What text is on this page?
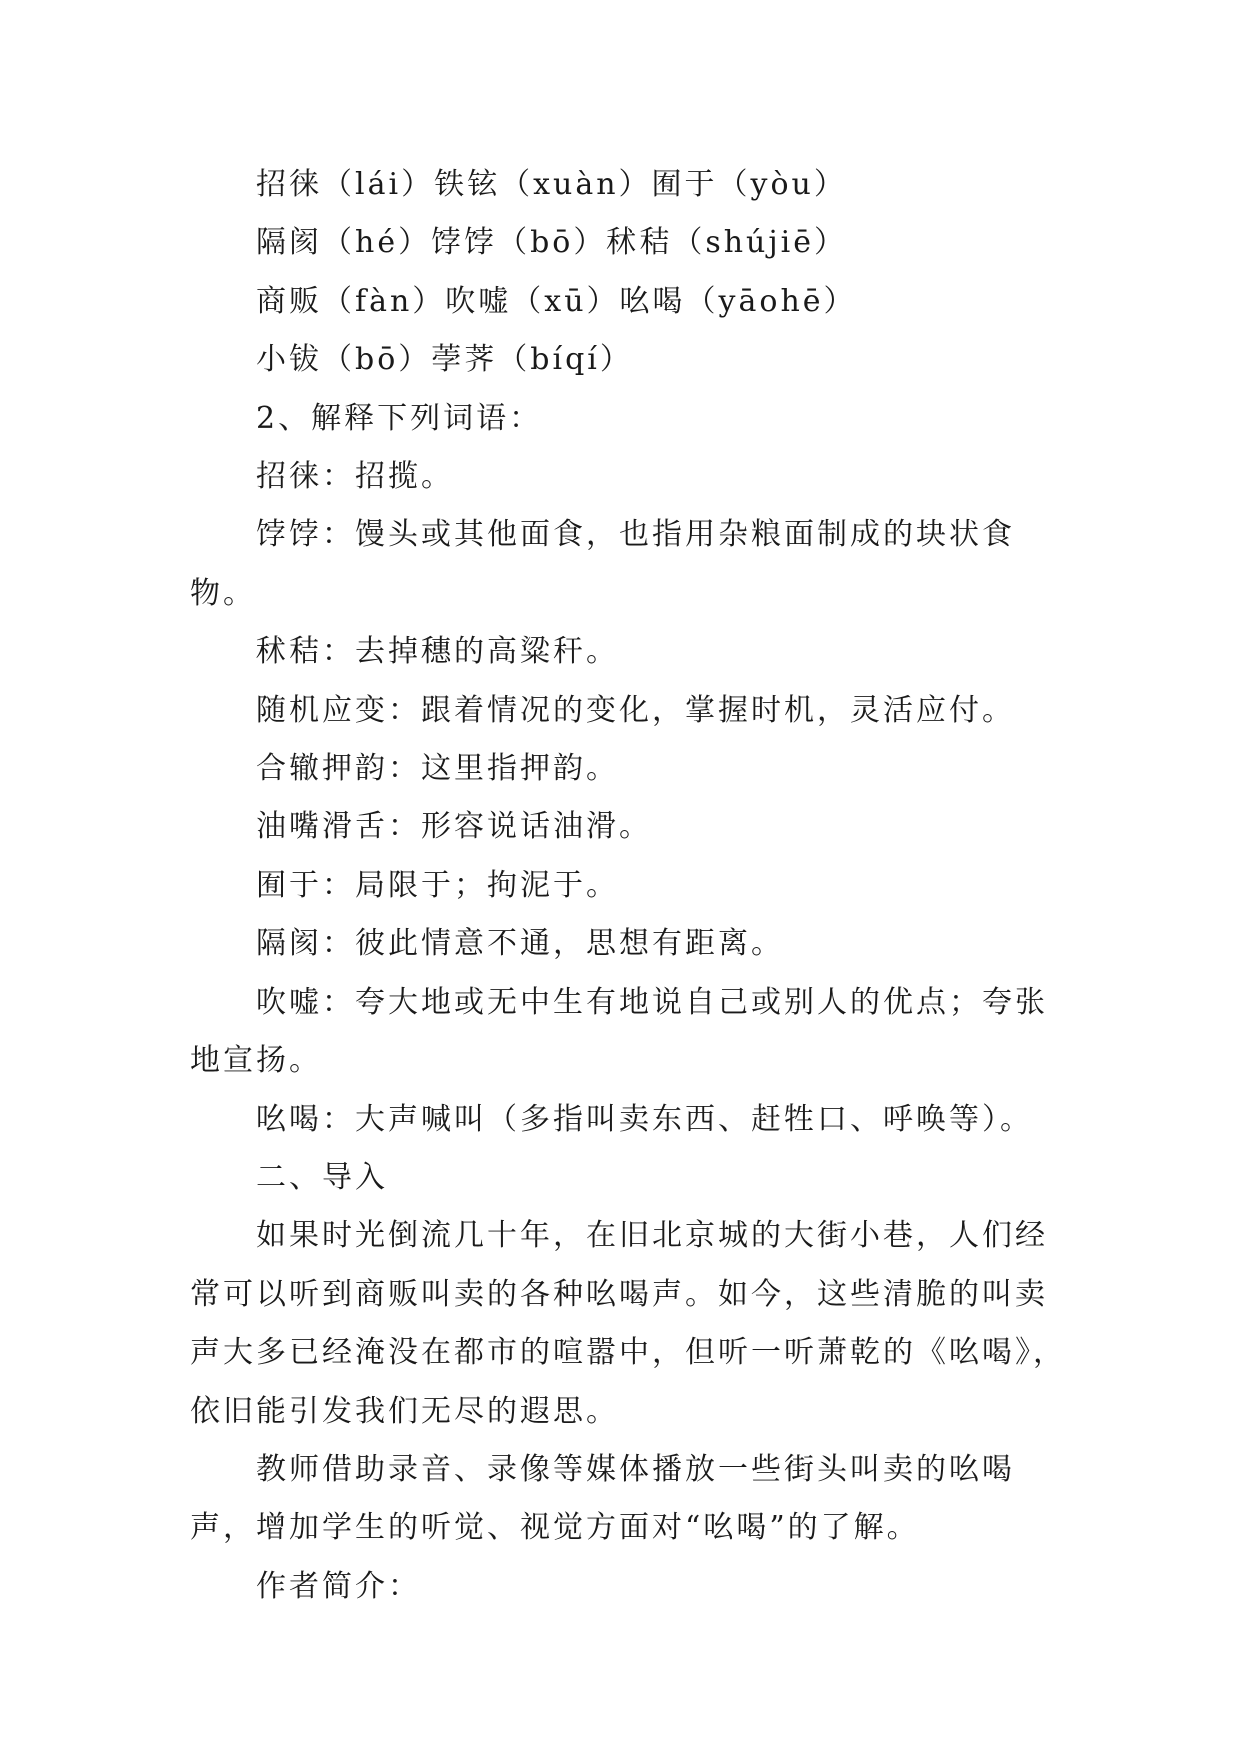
招徕（lái）铁铉（xuàn）囿于（yòu）

隔阂（hé）饽饽（bō）秫秸（shújiē）

商贩（fàn）吹嘘（xū）吆喝（yāohē）

小钹（bō）荸荠（bíqí）

2、解释下列词语：

招徕：招揽。

饽饽：馒头或其他面食，也指用杂粮面制成的块状食物。

秫秸：去掉穗的高粱秆。

随机应变：跟着情况的变化，掌握时机，灵活应付。

合辙押韵：这里指押韵。

油嘴滑舌：形容说话油滑。

囿于：局限于；拘泥于。

隔阂：彼此情意不通，思想有距离。

吹嘘：夸大地或无中生有地说自己或别人的优点；夸张地宣扬。

吆喝：大声喊叫（多指叫卖东西、赶牲口、呼唤等）。

二、导入

如果时光倒流几十年，在旧北京城的大街小巷，人们经常可以听到商贩叫卖的各种吆喝声。如今，这些清脆的叫卖声大多已经淹没在都市的喧嚣中，但听一听萧乾的《吆喝》，依旧能引发我们无尽的遐思。

教师借助录音、录像等媒体播放一些街头叫卖的吆喝声，增加学生的听觉、视觉方面对“吆喝”的了解。

作者简介：
